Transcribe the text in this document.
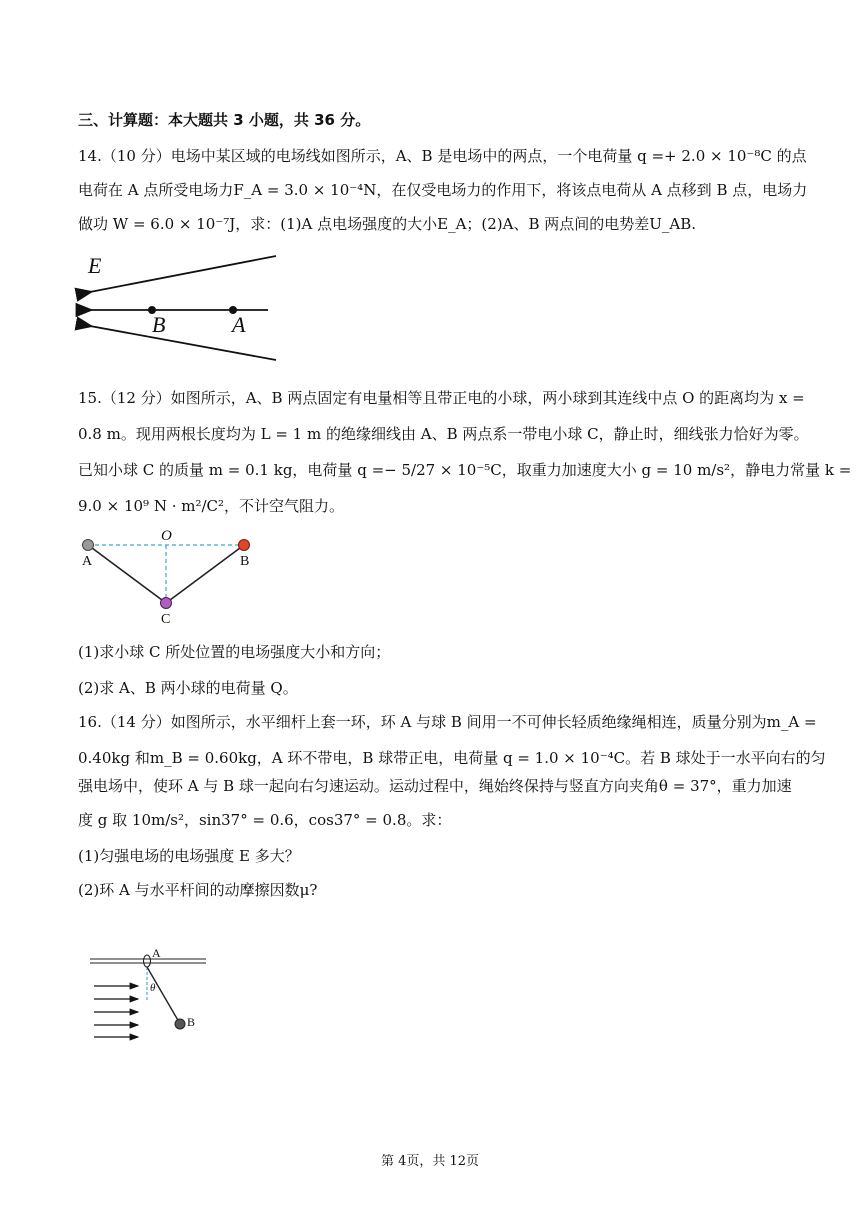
三、计算题：本大题共 3 小题，共 36 分。
14.（10 分）电场中某区域的电场线如图所示，A、B 是电场中的两点，一个电荷量 q =+ 2.0 × 10⁻⁸C 的点
电荷在 A 点所受电场力F_A = 3.0 × 10⁻⁴N，在仅受电场力的作用下，将该点电荷从 A 点移到 B 点，电场力
做功 W = 6.0 × 10⁻⁷J，求：(1)A 点电场强度的大小E_A；(2)A、B 两点间的电势差U_AB.
E
B	A
15.（12 分）如图所示，A、B 两点固定有电量相等且带正电的小球，两小球到其连线中点 O 的距离均为 x =
0.8 m。现用两根长度均为 L = 1 m 的绝缘细线由 A、B 两点系一带电小球 C，静止时，细线张力恰好为零。
已知小球 C 的质量 m = 0.1 kg，电荷量 q =− 5/27 × 10⁻⁵C，取重力加速度大小 g = 10 m/s²，静电力常量 k =
9.0 × 10⁹ N · m²/C²，不计空气阻力。
O
A	B
C
(1)求小球 C 所处位置的电场强度大小和方向；
(2)求 A、B 两小球的电荷量 Q。
16.（14 分）如图所示，水平细杆上套一环，环 A 与球 B 间用一不可伸长轻质绝缘绳相连，质量分别为m_A =
0.40kg 和m_B = 0.60kg，A 环不带电，B 球带正电，电荷量 q = 1.0 × 10⁻⁴C。若 B 球处于一水平向右的匀
强电场中，使环 A 与 B 球一起向右匀速运动。运动过程中，绳始终保持与竖直方向夹角θ = 37°，重力加速
度 g 取 10m/s²，sin37° = 0.6，cos37° = 0.8。求：
(1)匀强电场的电场强度 E 多大？
(2)环 A 与水平杆间的动摩擦因数μ?
A
B
θ
第 4页，共 12页
